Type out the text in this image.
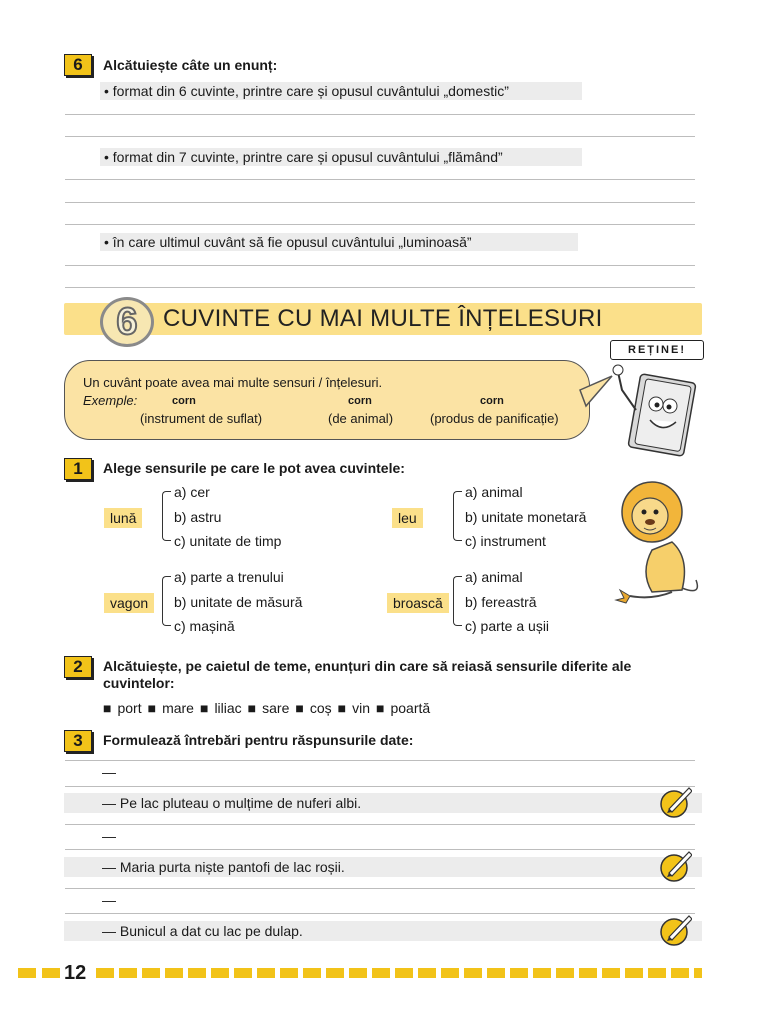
6	Alcătuiește câte un enunț:
• format din 6 cuvinte, printre care și opusul cuvântului „domestic”
• format din 7 cuvinte, printre care și opusul cuvântului „flămând”
• în care ultimul cuvânt să fie opusul cuvântului „luminoasă”
6	CUVINTE CU MAI MULTE ÎNȚELESURI
Un cuvânt poate avea mai multe sensuri / înțelesuri.
Exemple:	corn
(instrument de suflat)
corn
(de animal)
corn
(produs de panificație)
REȚINE!
1	Alege sensurile pe care le pot avea cuvintele:
lună
a) cer
b) astru
c) unitate de timp
leu
a) animal
b) unitate monetară
c) instrument
vagon
a) parte a trenului
b) unitate de măsură
c) mașină
broască
a) animal
b) fereastră
c) parte a ușii
2	Alcătuiește, pe caietul de teme, enunțuri din care să reiasă sensurile diferite ale
cuvintelor:
■ port ■ mare ■ liliac ■ sare ■ coș ■ vin ■ poartă
3	Formulează întrebări pentru răspunsurile date:
—
— Pe lac pluteau o mulțime de nuferi albi.
—
— Maria purta niște pantofi de lac roșii.
—
— Bunicul a dat cu lac pe dulap.
12
